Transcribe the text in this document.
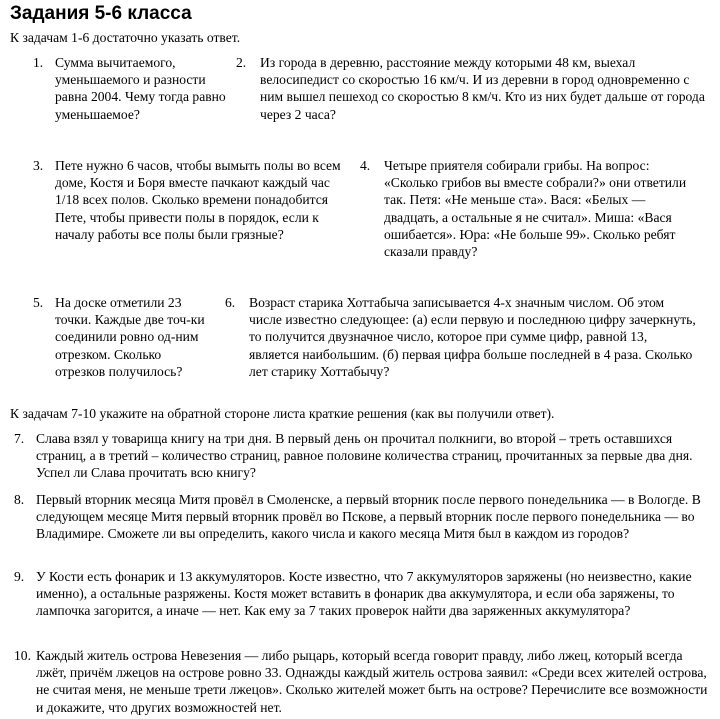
Задания 5-6 класса
К задачам 1-6 достаточно указать ответ.
1. Сумма вычитаемого, уменьшаемого и разности равна 2004. Чему тогда равно уменьшаемое?
2. Из города в деревню, расстояние между которыми 48 км, выехал велосипедист со скоростью 16 км/ч. И из деревни в город одновременно с ним вышел пешеход со скоростью 8 км/ч. Кто из них будет дальше от города через 2 часа?
3. Пете нужно 6 часов, чтобы вымыть полы во всем доме, Костя и Боря вместе пачкают каждый час 1/18 всех полов. Сколько времени понадобится Пете, чтобы привести полы в порядок, если к началу работы все полы были грязные?
4. Четыре приятеля собирали грибы. На вопрос: «Сколько грибов вы вместе собрали?» они ответили так. Петя: «Не меньше ста». Вася: «Белых — двадцать, а остальные я не считал». Миша: «Вася ошибается». Юра: «Не больше 99». Сколько ребят сказали правду?
5. На доске отметили 23 точки. Каждые две точ-ки соединили ровно од-ним отрезком. Сколько отрезков получилось?
6. Возраст старика Хоттабыча записывается 4-х значным числом. Об этом числе известно следующее: (а) если первую и последнюю цифру зачеркнуть, то получится двузначное число, которое при сумме цифр, равной 13, является наибольшим. (б) первая цифра больше последней в 4 раза. Сколько лет старику Хоттабычу?
К задачам 7-10 укажите на обратной стороне листа краткие решения (как вы получили ответ).
7. Слава взял у товарища книгу на три дня. В первый день он прочитал полкниги, во второй – треть оставшихся страниц, а в третий – количество страниц, равное половине количества страниц, прочитанных за первые два дня. Успел ли Слава прочитать всю книгу?
8. Первый вторник месяца Митя провёл в Смоленске, а первый вторник после первого понедельника — в Вологде. В следующем месяце Митя первый вторник провёл во Пскове, а первый вторник после первого понедельника — во Владимире. Сможете ли вы определить, какого числа и какого месяца Митя был в каждом из городов?
9. У Кости есть фонарик и 13 аккумуляторов. Косте известно, что 7 аккумуляторов заряжены (но неизвестно, какие именно), а остальные разряжены. Костя может вставить в фонарик два аккумулятора, и если оба заряжены, то лампочка загорится, а иначе — нет. Как ему за 7 таких проверок найти два заряженных аккумулятора?
10. Каждый житель острова Невезения — либо рыцарь, который всегда говорит правду, либо лжец, который всегда лжёт, причём лжецов на острове ровно 33. Однажды каждый житель острова заявил: «Среди всех жителей острова, не считая меня, не меньше трети лжецов». Сколько жителей может быть на острове? Перечислите все возможности и докажите, что других возможностей нет.
